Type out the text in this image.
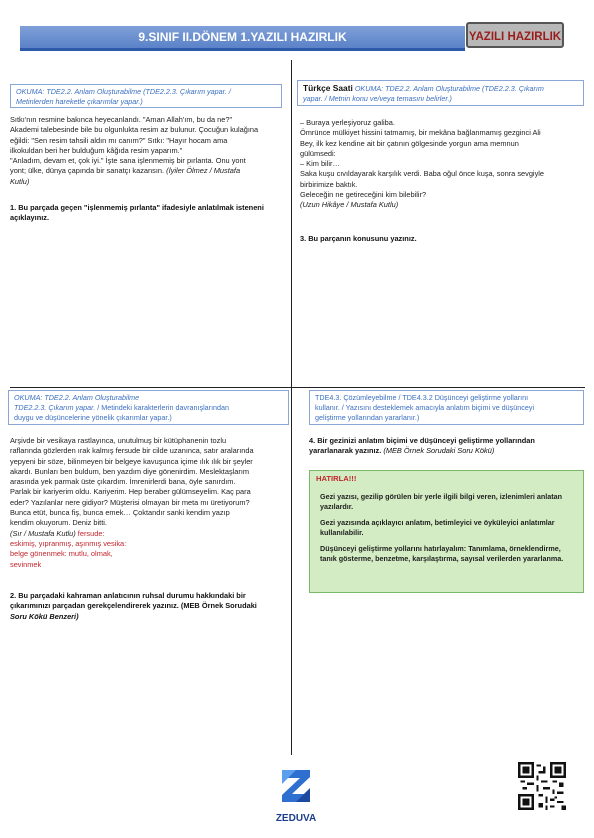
9.SINIF II.DÖNEM 1.YAZILI HAZIRLIK	YAZILI HAZIRLIK
OKUMA: TDE2.2. Anlam Oluşturabilme (TDE2.2.3. Çıkarım yapar. /
Metinlerden hareketle çıkarımlar yapar.)
Sıtkı'nın resmine bakınca heyecanlandı. "Aman Allah'ım, bu da ne?"
Akademi talebesinde bile bu olgunlukta resim az bulunur. Çocuğun kulağına
eğildi: "Sen resim tahsili aldın mı canım?" Sıtkı: "Hayır hocam ama
ilkokuldan beri her bulduğum kâğıda resim yaparım."
"Anladım, devam et, çok iyi." İşte sana işlenmemiş bir pırlanta. Onu yont
yont; ülke, dünya çapında bir sanatçı kazansın. (İyiler Ölmez / Mustafa
Kutlu)
1. Bu parçada geçen "işlenmemiş pırlanta" ifadesiyle anlatılmak isteneni
açıklayınız.
Türkçe Saati OKUMA: TDE2.2. Anlam Oluşturabilme (TDE2.2.3. Çıkarım
yapar. / Metnin konu ve/veya temasını belirler.)
– Buraya yerleşiyoruz galiba.
Ömrünce mülkiyet hissini tatmamış, bir mekâna bağlanmamış gezginci Ali
Bey, ilk kez kendine ait bir çatının gölgesinde yorgun ama memnun
gülümsedi:
– Kim bilir…
Saka kuşu cıvıldayarak karşılık verdi. Baba oğul önce kuşa, sonra sevgiyle
birbirimize baktık.
Geleceğin ne getireceğini kim bilebilir?
(Uzun Hikâye / Mustafa Kutlu)
3. Bu parçanın konusunu yazınız.
OKUMA: TDE2.2. Anlam Oluşturabilme
TDE2.2.3. Çıkarım yapar. / Metindeki karakterlerin davranışlarından
duygu ve düşüncelerine yönelik çıkarımlar yapar.)
Arşivde bir vesikaya rastlayınca, unutulmuş bir kütüphanenin tozlu
raflarında gözlerden ırak kalmış fersude bir cilde uzanınca, satır aralarında
yepyeni bir söze, bilinmeyen bir belgeye kavuşunca içime ılık ılık bir şeyler
akardı. Bunları ben buldum, ben yazdım diye gönenirdim. Meslektaşlarım
arasında yek parmak üste çıkardım. İmrenirlerdi bana, öyle sanırdım.
Parlak bir kariyerim oldu. Kariyerim. Hep beraber gülümseyelim. Kaç para
eder? Yazılanlar nere gidiyor? Müşterisi olmayan bir meta mı üretiyorum?
Bunca etüt, bunca fiş, bunca emek… Çoktandır sanki kendim yazıp
kendim okuyorum. Deniz bitti.
(Sır / Mustafa Kutlu) fersude:
eskimiş, yıpranmış, aşınmış vesika:
belge gönenmek: mutlu, olmak,
sevinmek
2. Bu parçadaki kahraman anlatıcının ruhsal durumu hakkındaki bir
çıkarımınızı parçadan gerekçelendirerek yazınız. (MEB Örnek Sorudaki
Soru Kökü Benzeri)
TDE4.3. Çözümleyebilme / TDE4.3.2 Düşünceyi geliştirme yollarını
kullanır. / Yazısını desteklemek amacıyla anlatım biçimi ve düşünceyi
geliştirme yollarından yararlanır.)
4. Bir gezinizi anlatım biçimi ve düşünceyi geliştirme yollarından
yararlanarak yazınız. (MEB Örnek Sorudaki Soru Kökü)
HATIRLA!!!
Gezi yazısı, gezilip görülen bir yerle ilgili bilgi veren, izlenimleri anlatan
yazılardır.
Gezi yazısında açıklayıcı anlatım, betimleyici ve öyküleyici anlatımlar
kullanılabilir.
Düşünceyi geliştirme yollarını hatırlayalım: Tanımlama, örneklendirme,
tanık gösterme, benzetme, karşılaştırma, sayısal verilerden yararlanma.
ZEDUVA
